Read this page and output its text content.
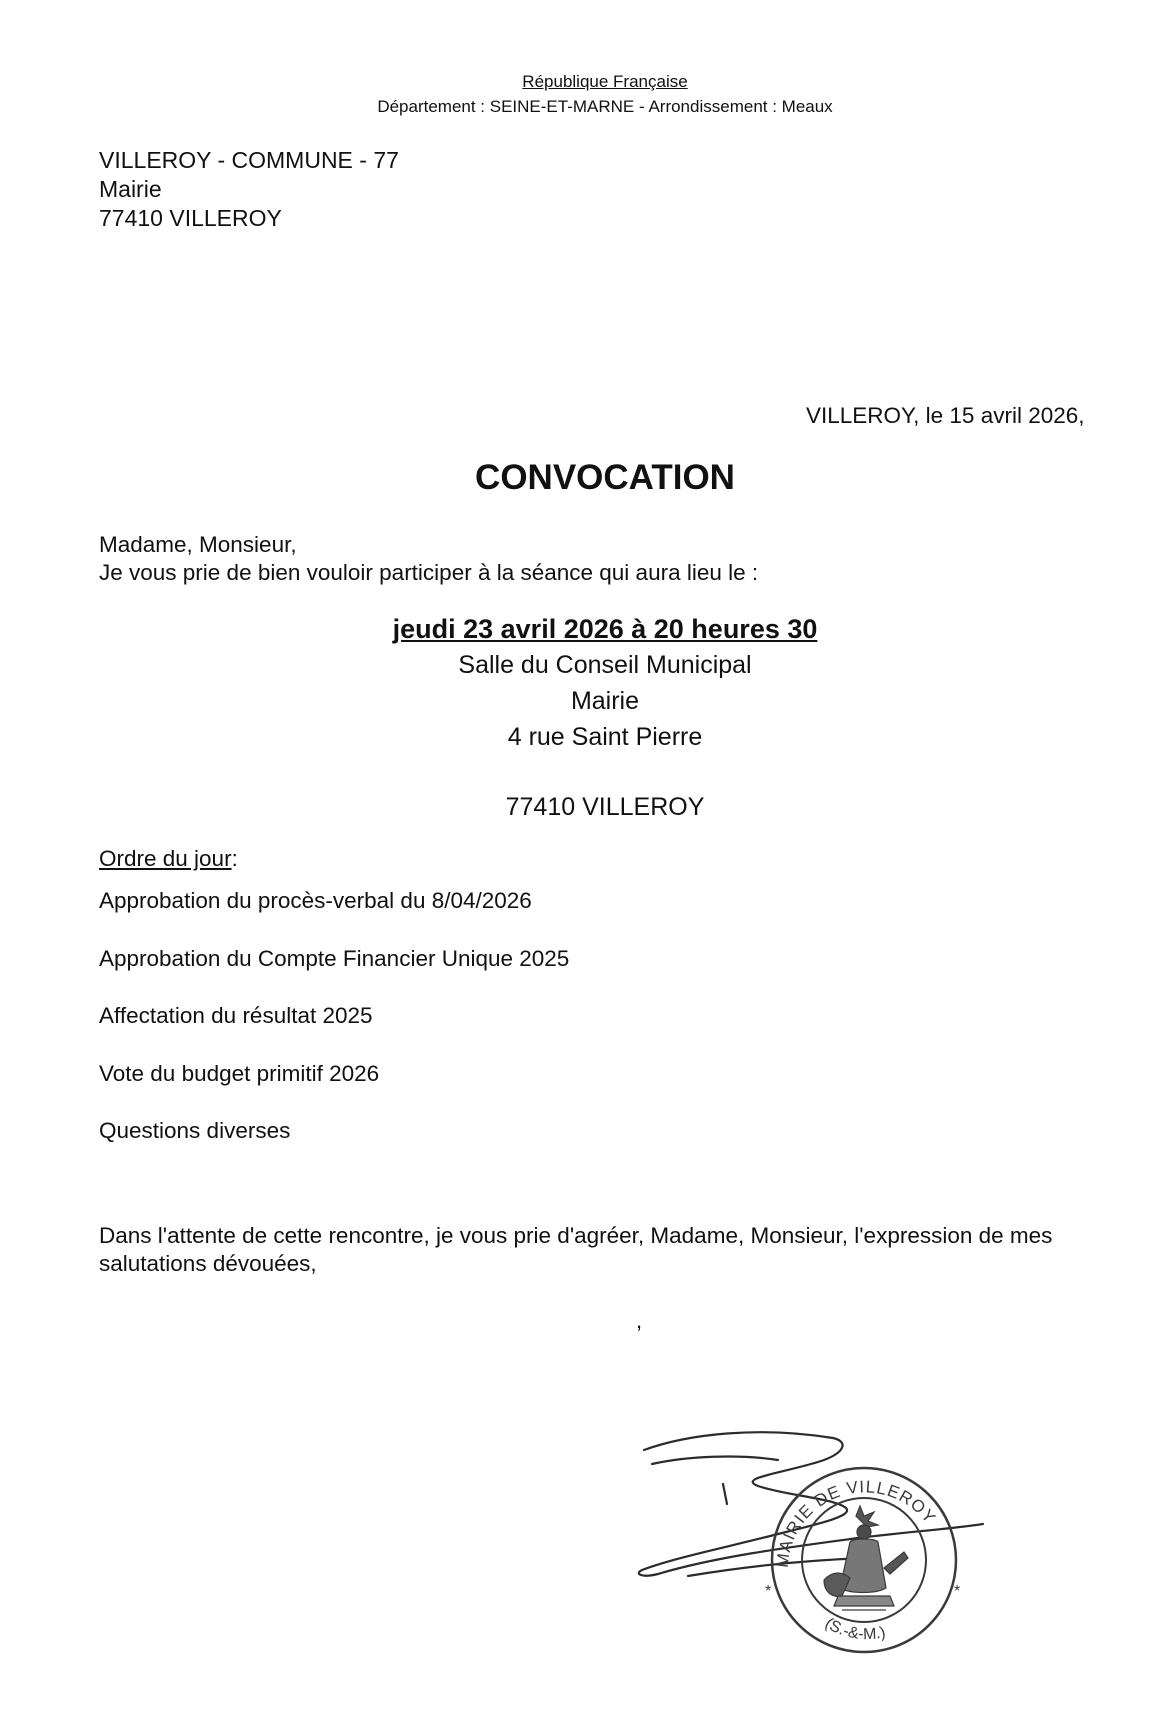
République Française
Département : SEINE-ET-MARNE - Arrondissement : Meaux
VILLEROY - COMMUNE - 77
Mairie
77410 VILLEROY
VILLEROY, le 15 avril 2026,
CONVOCATION
Madame, Monsieur,
Je vous prie de bien vouloir participer à la séance qui aura lieu le :
jeudi 23 avril 2026 à 20 heures 30
Salle du Conseil Municipal
Mairie
4 rue Saint Pierre
77410 VILLEROY
Ordre du jour:
Approbation du procès-verbal du 8/04/2026
Approbation du Compte Financier Unique 2025
Affectation du résultat 2025
Vote du budget primitif 2026
Questions diverses
Dans l'attente de cette rencontre, je vous prie d'agréer, Madame, Monsieur, l'expression de mes salutations dévouées,
,
MAIRIE DE VILLEROY
(S.-&-M.)
*	*
